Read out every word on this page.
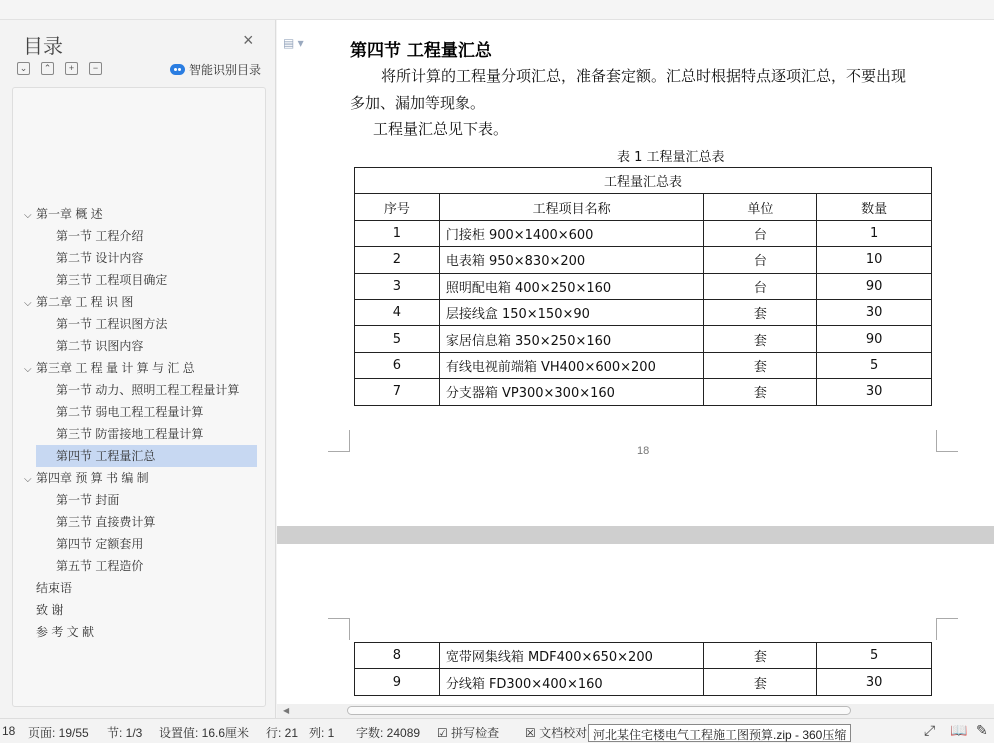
目录	×
⌄	⌃	+	−	智能识别目录
⌵ 第一章 概 述
第一节 工程介绍
第二节 设计内容
第三节 工程项目确定
⌵ 第二章 工 程 识 图
第一节 工程识图方法
第二节 识图内容
⌵ 第三章 工 程 量 计 算 与 汇 总
第一节 动力、照明工程工程量计算
第二节 弱电工程工程量计算
第三节 防雷接地工程量计算
第四节 工程量汇总
⌵ 第四章 预 算 书 编 制
第一节 封面
第三节 直接费计算
第四节 定额套用
第五节 工程造价
结束语
致 谢
参 考 文 献
▤ ▾	第四节 工程量汇总
将所计算的工程量分项汇总，准备套定额。汇总时根据特点逐项汇总，不要出现
多加、漏加等现象。
工程量汇总见下表。
表 1 工程量汇总表
工程量汇总表			
序号	工程项目名称	单位	数量
1	门接柜 900×1400×600	台	1
2	电表箱 950×830×200	台	10
3	照明配电箱 400×250×160	台	90
4	层接线盒 150×150×90	套	30
5	家居信息箱 350×250×160	套	90
6	有线电视前端箱 VH400×600×200	套	5
7	分支器箱 VP300×300×160	套	30
18
8	宽带网集线箱 MDF400×650×200	套	5
9	分线箱 FD300×400×160	套	30
◀
18 页面: 19/55 节: 1/3 设置值: 16.6厘米 行: 21 列: 1 字数: 24089 ☑ 拼写检查 ☒ 文档校对 河北某住宅楼电气工程施工图预算.zip - 360压缩	⤢ 📖 ✎
